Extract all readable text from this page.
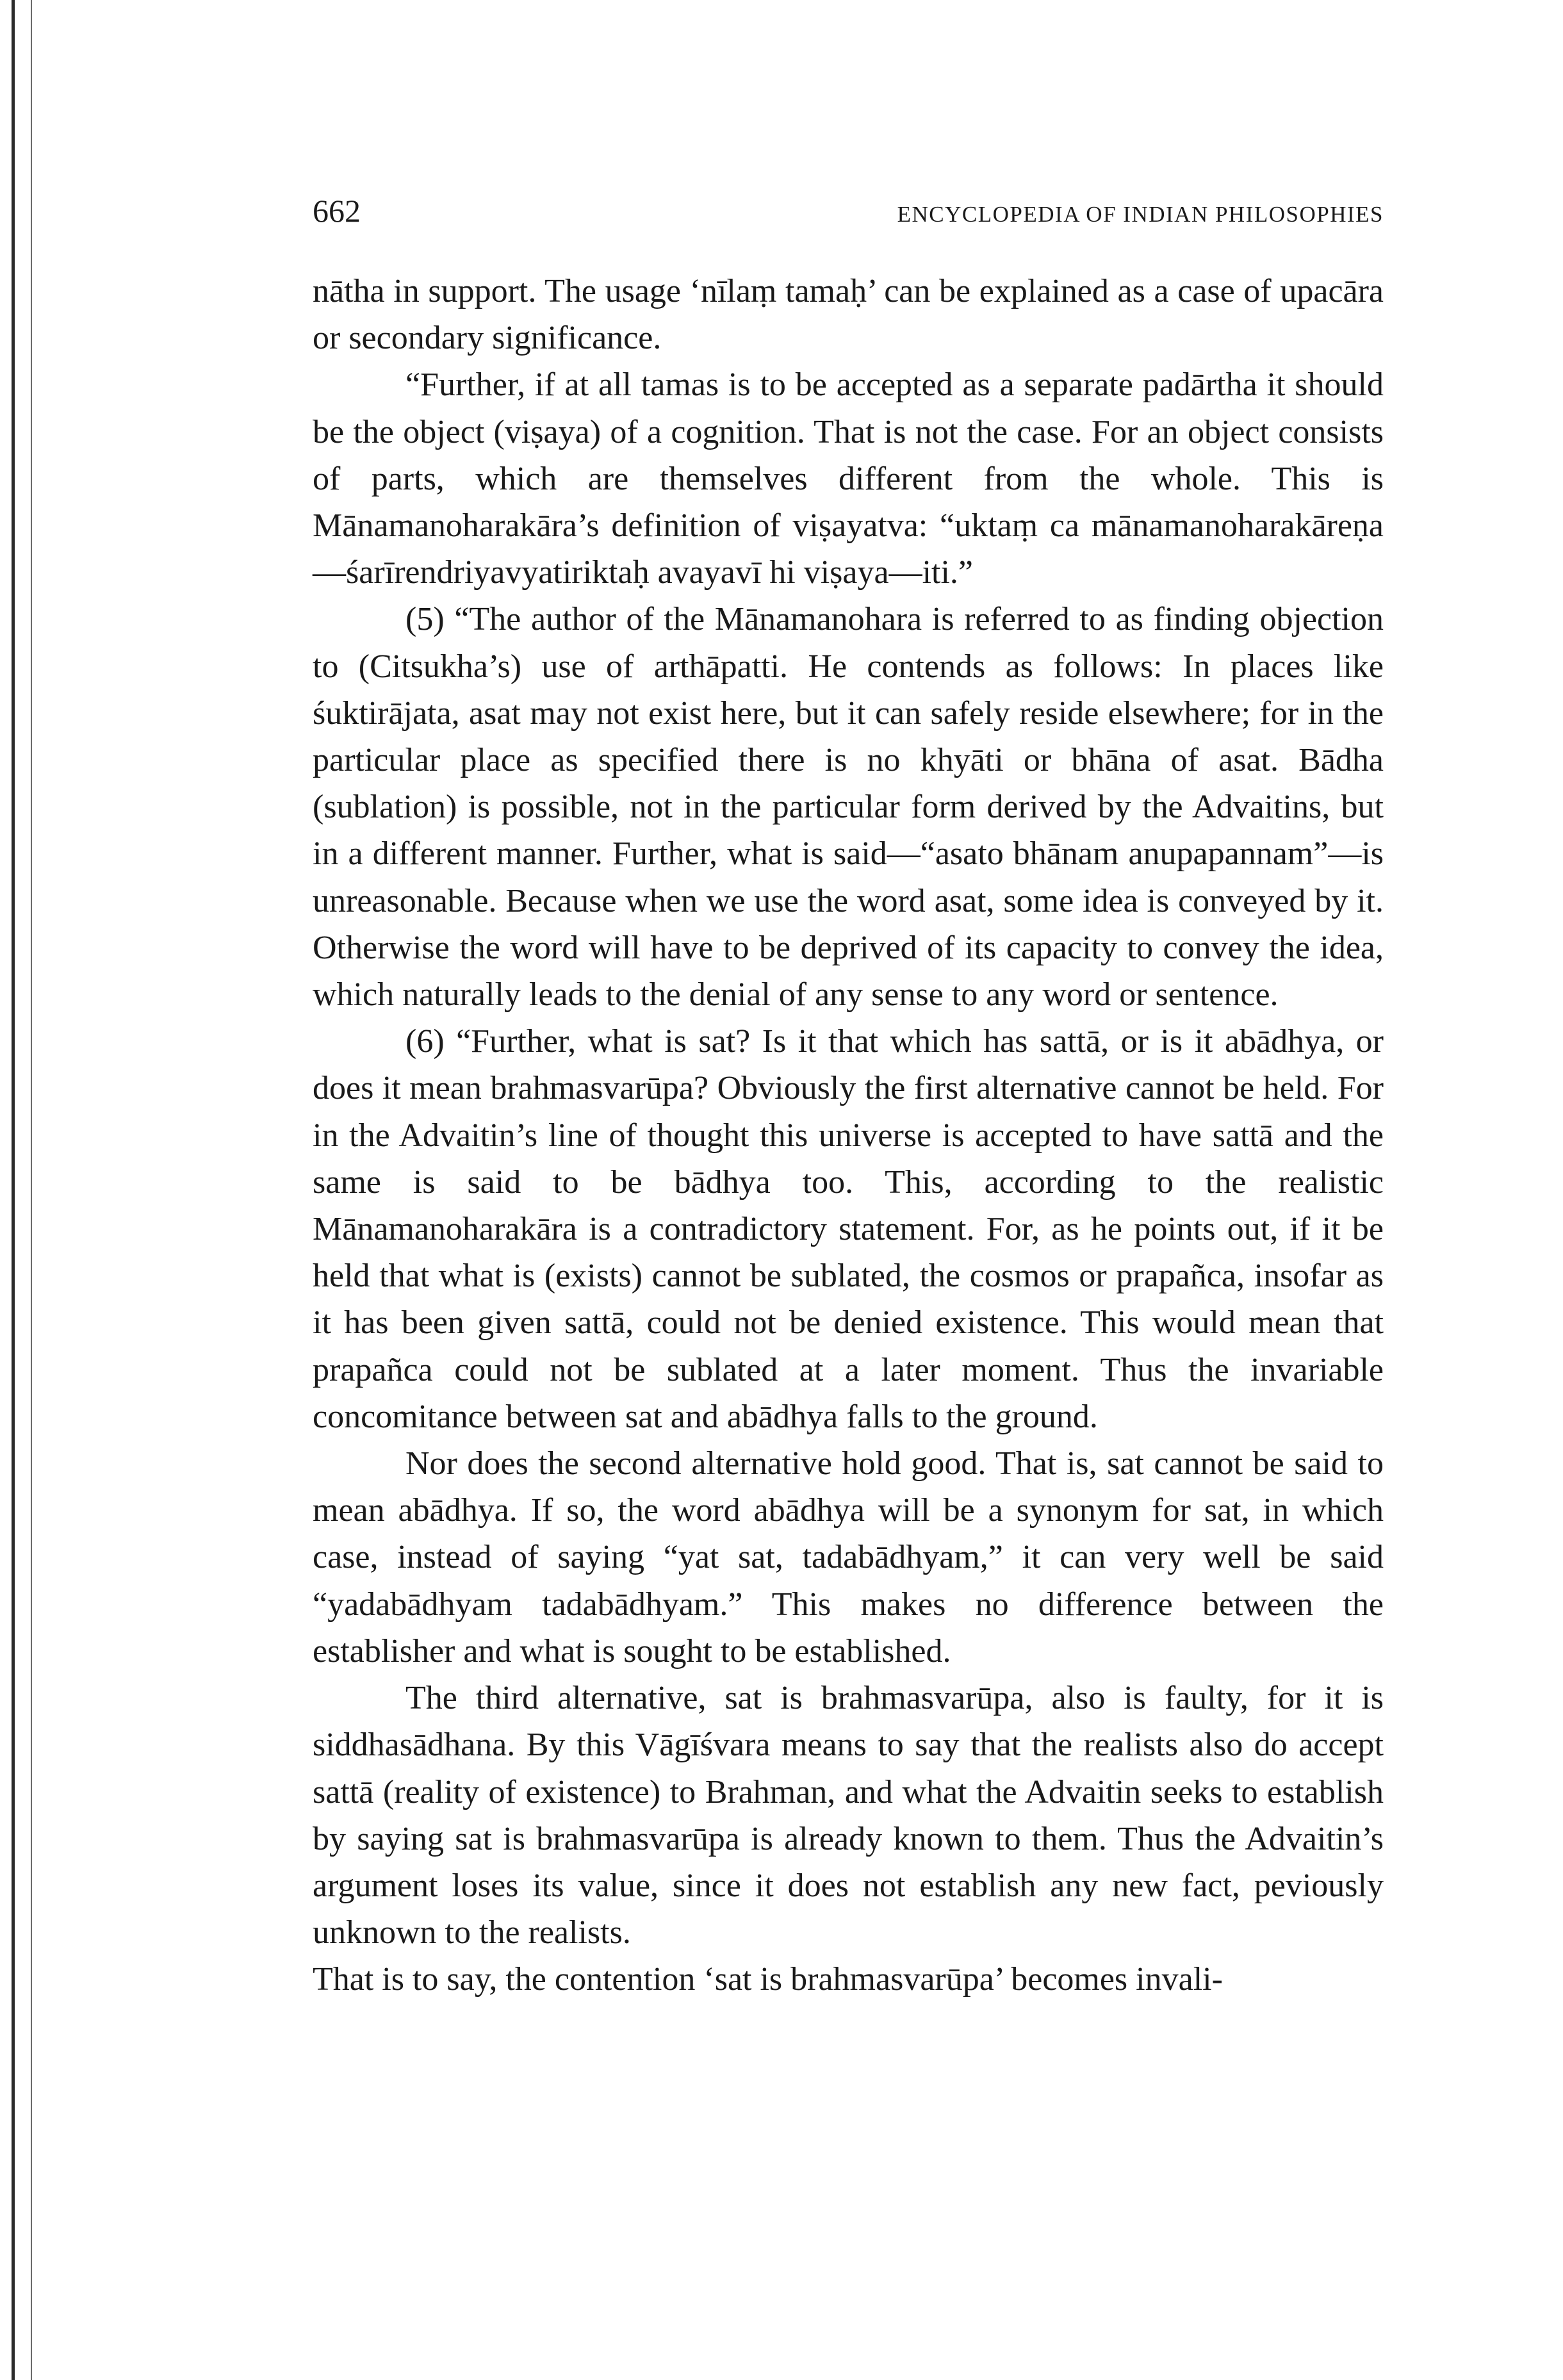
662	ENCYCLOPEDIA OF INDIAN PHILOSOPHIES

nātha in support. The usage ‘nīlaṃ tamaḥ’ can be explained as a case of upacāra or secondary significance.

“Further, if at all tamas is to be accepted as a separate padārtha it should be the object (viṣaya) of a cognition. That is not the case. For an object consists of parts, which are themselves different from the whole. This is Mānamanoharakāra’s definition of viṣayatva: “uktaṃ ca mānamanoharakāreṇa—śarīrendriyavyatiriktaḥ avayavī hi viṣaya—iti.”

(5) “The author of the Mānamanohara is referred to as finding objection to (Citsukha’s) use of arthāpatti. He contends as follows: In places like śuktirājata, asat may not exist here, but it can safely reside elsewhere; for in the particular place as specified there is no khyāti or bhāna of asat. Bādha (sublation) is possible, not in the particular form derived by the Advaitins, but in a different manner. Further, what is said—“asato bhānam anupapannam”—is unreasonable. Because when we use the word asat, some idea is conveyed by it. Otherwise the word will have to be deprived of its capacity to convey the idea, which naturally leads to the denial of any sense to any word or sentence.

(6) “Further, what is sat? Is it that which has sattā, or is it abādhya, or does it mean brahmasvarūpa? Obviously the first alternative cannot be held. For in the Advaitin’s line of thought this universe is accepted to have sattā and the same is said to be bādhya too. This, according to the realistic Mānamanoharakāra is a contradictory statement. For, as he points out, if it be held that what is (exists) cannot be sublated, the cosmos or prapañca, insofar as it has been given sattā, could not be denied existence. This would mean that prapañca could not be sublated at a later moment. Thus the invariable concomitance between sat and abādhya falls to the ground.

Nor does the second alternative hold good. That is, sat cannot be said to mean abādhya. If so, the word abādhya will be a synonym for sat, in which case, instead of saying “yat sat, tadabādhyam,” it can very well be said “yadabādhyam tadabādhyam.” This makes no difference between the establisher and what is sought to be established.

The third alternative, sat is brahmasvarūpa, also is faulty, for it is siddhasādhana. By this Vāgīśvara means to say that the realists also do accept sattā (reality of existence) to Brahman, and what the Advaitin seeks to establish by saying sat is brahmasvarūpa is already known to them. Thus the Advaitin’s argument loses its value, since it does not establish any new fact, peviously unknown to the realists.

That is to say, the contention ‘sat is brahmasvarūpa’ becomes invali-
